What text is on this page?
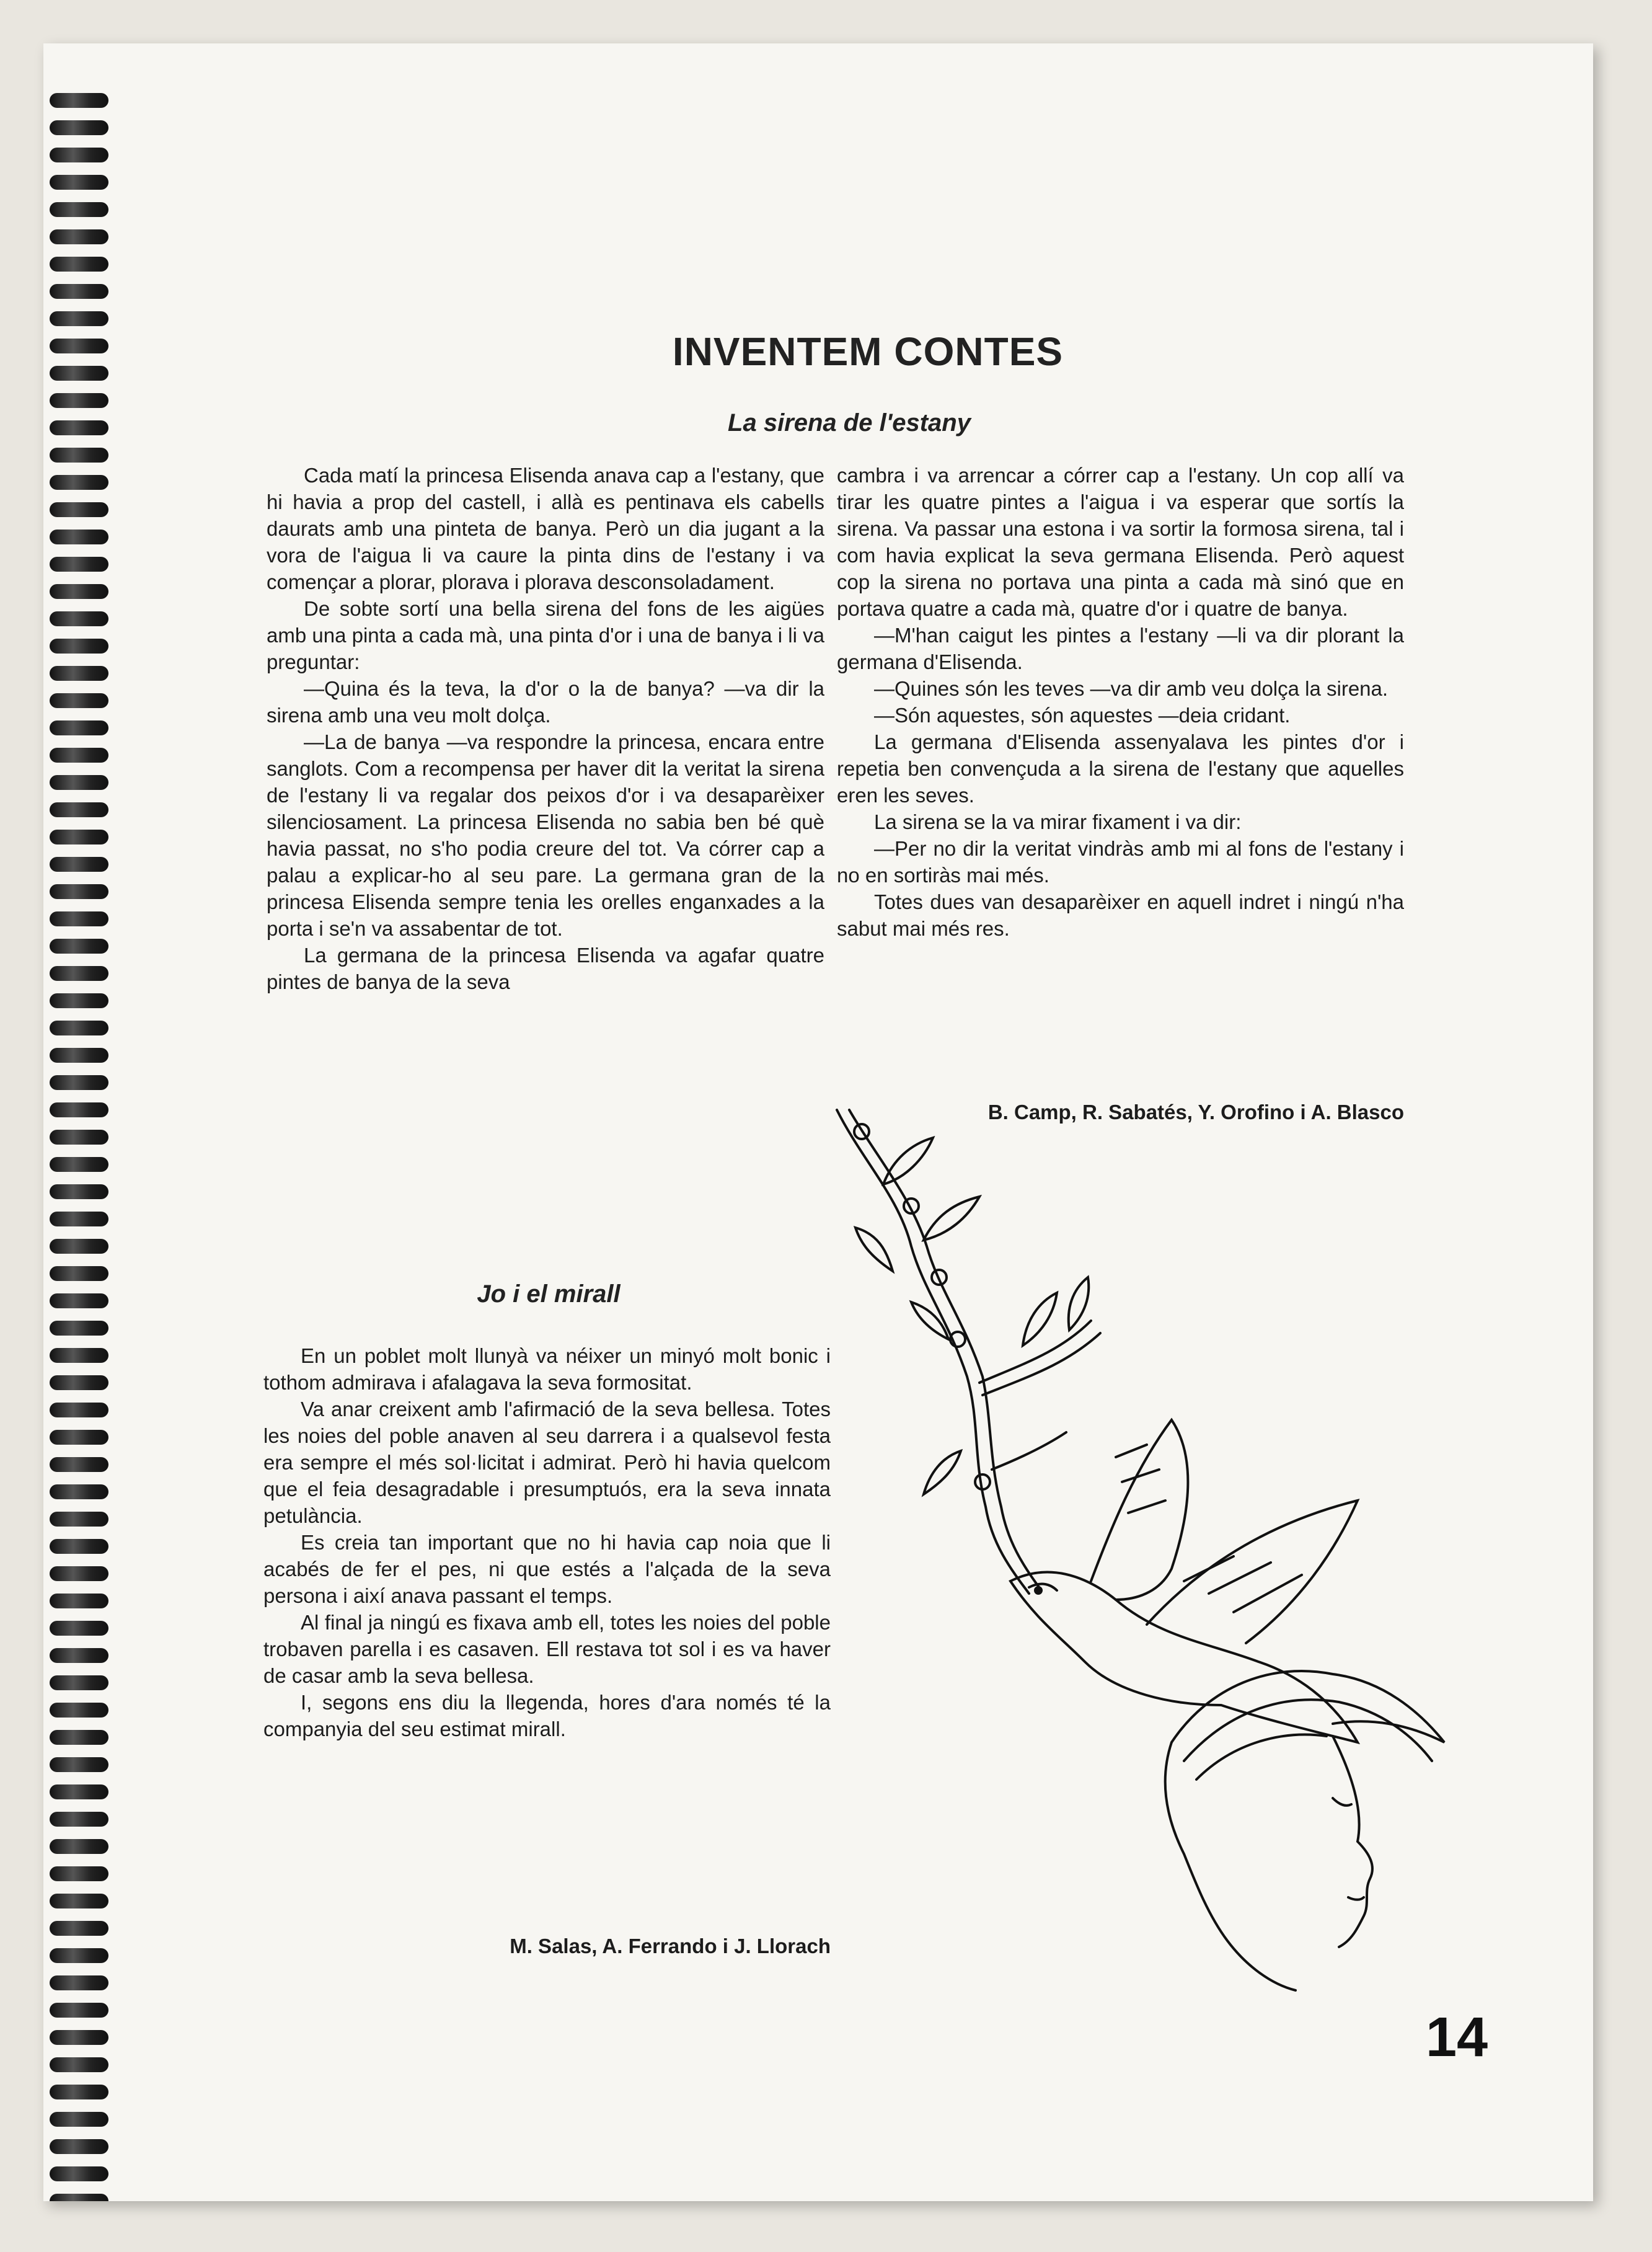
INVENTEM CONTES
La sirena de l'estany

Cada matí la princesa Elisenda anava cap a l'estany, que hi havia a prop del castell, i allà es pentinava els cabells daurats amb una pinteta de banya. Però un dia jugant a la vora de l'aigua li va caure la pinta dins de l'estany i va començar a plorar, plorava i plorava desconsoladament.

De sobte sortí una bella sirena del fons de les aigües amb una pinta a cada mà, una pinta d'or i una de banya i li va preguntar:

—Quina és la teva, la d'or o la de banya? —va dir la sirena amb una veu molt dolça.

—La de banya —va respondre la princesa, encara entre sanglots. Com a recompensa per haver dit la veritat la sirena de l'estany li va regalar dos peixos d'or i va desaparèixer silenciosament. La princesa Elisenda no sabia ben bé què havia passat, no s'ho podia creure del tot. Va córrer cap a palau a explicar-ho al seu pare. La germana gran de la princesa Elisenda sempre tenia les orelles enganxades a la porta i se'n va assabentar de tot.

La germana de la princesa Elisenda va agafar quatre pintes de banya de la seva

cambra i va arrencar a córrer cap a l'estany. Un cop allí va tirar les quatre pintes a l'aigua i va esperar que sortís la sirena. Va passar una estona i va sortir la formosa sirena, tal i com havia explicat la seva germana Elisenda. Però aquest cop la sirena no portava una pinta a cada mà sinó que en portava quatre a cada mà, quatre d'or i quatre de banya.

—M'han caigut les pintes a l'estany —li va dir plorant la germana d'Elisenda.

—Quines són les teves —va dir amb veu dolça la sirena.

—Són aquestes, són aquestes —deia cridant.

La germana d'Elisenda assenyalava les pintes d'or i repetia ben convençuda a la sirena de l'estany que aquelles eren les seves.

La sirena se la va mirar fixament i va dir:

—Per no dir la veritat vindràs amb mi al fons de l'estany i no en sortiràs mai més.

Totes dues van desaparèixer en aquell indret i ningú n'ha sabut mai més res.

B. Camp, R. Sabatés, Y. Orofino i A. Blasco
Jo i el mirall

En un poblet molt llunyà va néixer un minyó molt bonic i tothom admirava i afalagava la seva formositat.

Va anar creixent amb l'afirmació de la seva bellesa. Totes les noies del poble anaven al seu darrera i a qualsevol festa era sempre el més sol·licitat i admirat. Però hi havia quelcom que el feia desagradable i presumptuós, era la seva innata petulància.

Es creia tan important que no hi havia cap noia que li acabés de fer el pes, ni que estés a l'alçada de la seva persona i així anava passant el temps.

Al final ja ningú es fixava amb ell, totes les noies del poble trobaven parella i es casaven. Ell restava tot sol i es va haver de casar amb la seva bellesa.

I, segons ens diu la llegenda, hores d'ara només té la companyia del seu estimat mirall.

M. Salas, A. Ferrando i J. Llorach
14
